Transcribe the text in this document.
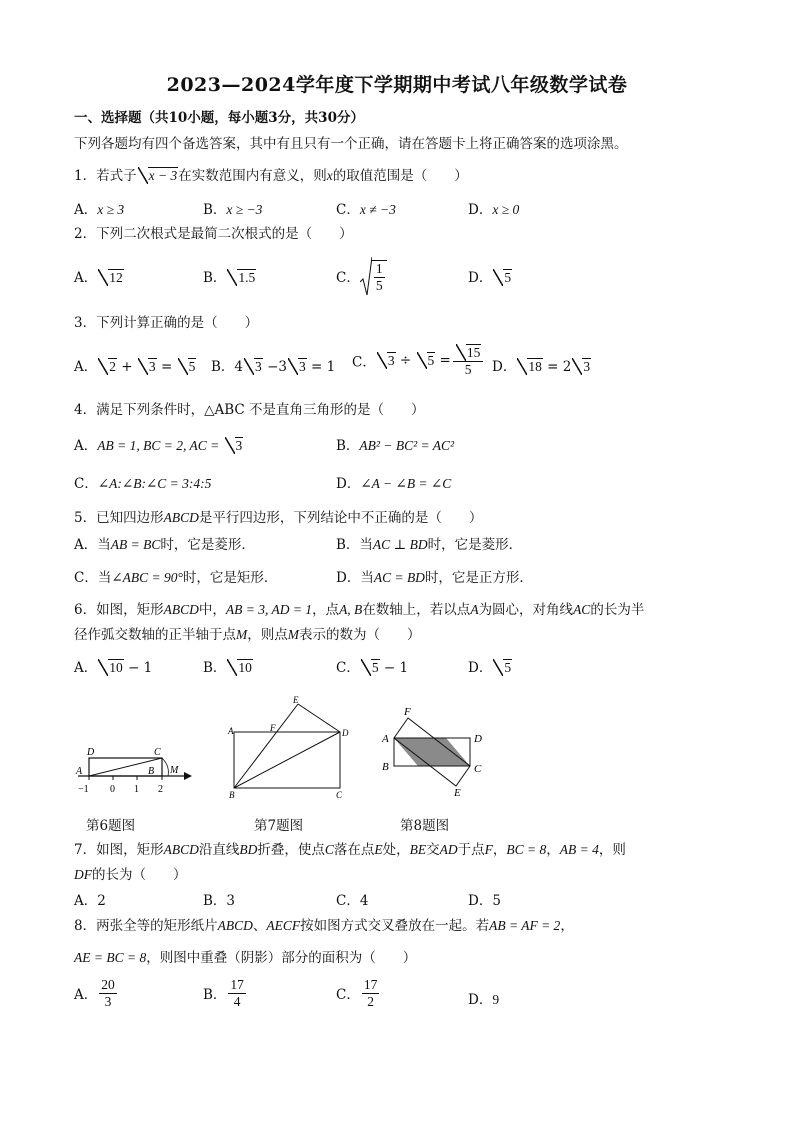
2023—2024学年度下学期期中考试八年级数学试卷
一、选择题（共10小题，每小题3分，共30分）
下列各题均有四个备选答案，其中有且只有一个正确，请在答题卡上将正确答案的选项涂黑。
1．若式子 x − 3在实数范围内有意义，则x的取值范围是（　　）
A．x ≥ 3	B．x ≥ −3	C．x ≠ −3	D．x ≥ 0
2．下列二次根式是最简二次根式的是（　　）
A． 12	B． 1.5	C． $\frac{1}{5}$	D． 5
3．下列计算正确的是（　　）
A． 2 + 3 = 5 B．4 3 −3 3 = 1 C． $3 \div 5 = \frac{15}{5}$ D． 18 = 2 3
4．满足下列条件时，△ABC 不是直角三角形的是（　　）
A．AB = 1, BC = 2, AC = 3	B．AB² − BC² = AC²
C．∠A:∠B:∠C = 3:4:5	D．∠A − ∠B = ∠C
5．已知四边形ABCD是平行四边形，下列结论中不正确的是（　　）
A．当AB = BC时，它是菱形．	B．当AC ⊥ BD时，它是菱形．
C．当∠ABC = 90°时，它是矩形．	D．当AC = BD时，它是正方形．
6．如图，矩形ABCD中，AB = 3, AD = 1，点A, B在数轴上，若以点A为圆心，对角线AC的长为半
径作弧交数轴的正半轴于点M，则点M表示的数为（　　）
A． 10 − 1	B． 10	C． 5 − 1	D． 5
D	C
A	B M
−1 0 1 2
第6题图
E
A	F	D
B	C
第7题图
F
A	D
B	C
E
第8题图
7．如图，矩形ABCD沿直线BD折叠，使点C落在点E处，BE交AD于点F，BC = 8，AB = 4，则
DF的长为（　　）
A．2	B．3	C．4	D．5
8．两张全等的矩形纸片ABCD、AECF按如图方式交叉叠放在一起。若AB = AF = 2，
AE = BC = 8，则图中重叠（阴影）部分的面积为（　　）
A． $\frac{20}{3}$	B． $\frac{17}{4}$	C． $\frac{17}{2}$	D．9
